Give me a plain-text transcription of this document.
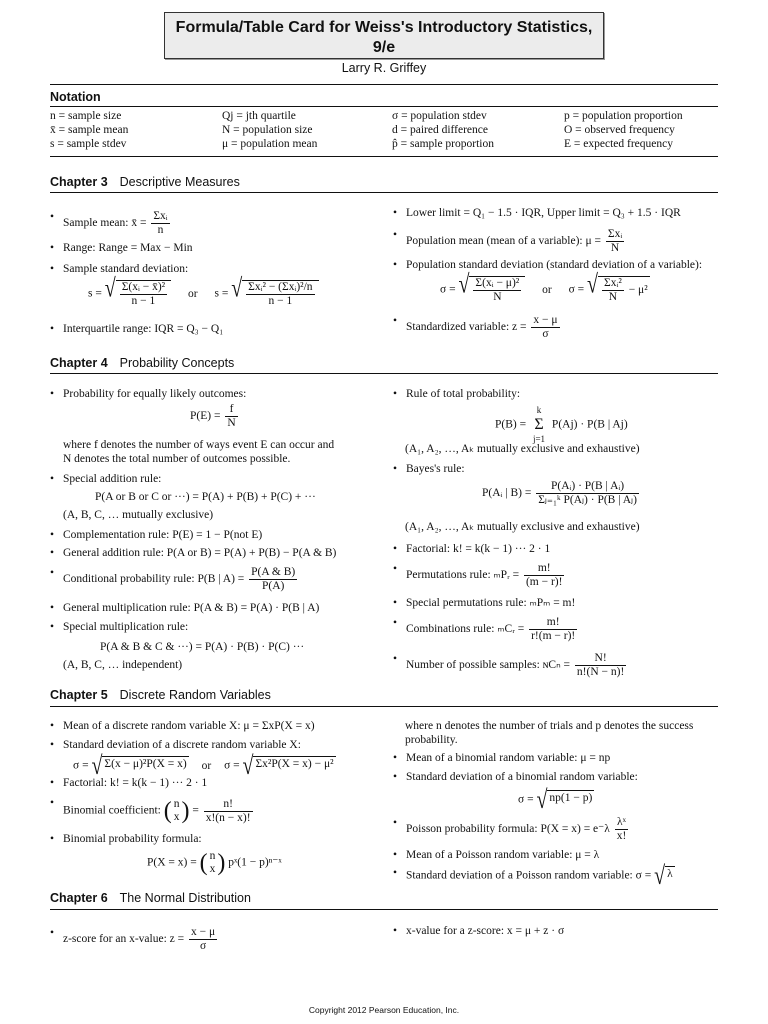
Formula/Table Card for Weiss's Introductory Statistics, 9/e
Larry R. Griffey
Notation
n = sample size
x̄ = sample mean
s = sample stdev
Qj = jth quartile
N = population size
μ = population mean
σ = population stdev
d = paired difference
p̂ = sample proportion
p = population proportion
O = observed frequency
E = expected frequency
Chapter 3 Descriptive Measures
• Sample mean: x̄ = $\frac{\text{Σxᵢ}}{n}$
• Range: Range = Max − Min
• Sample standard deviation:
s = √ $\frac{\text{Σ(xᵢ − x̄)²}}{n - 1}$ or s = √ $\frac{\text{Σxᵢ² − (Σxᵢ)²/n}}{n - 1}$
• Interquartile range: IQR = Q₃ − Q₁
• Lower limit = Q₁ − 1.5 · IQR, Upper limit = Q₃ + 1.5 · IQR
• Population mean (mean of a variable): $\mu = \frac{\text{Σxᵢ}}{N}$
• Population standard deviation (standard deviation of a variable):
σ = √ $\frac{\text{Σ(xᵢ − μ)²}}{N}$ or σ = √ $\frac{\text{Σxᵢ²}}{N} - \mu^2$
• Standardized variable: $z = \frac{x - \mu}{\sigma}$
Chapter 4 Probability Concepts
• Probability for equally likely outcomes:
$P(E) = \frac{f}{N}$
where f denotes the number of ways event E can occur and
N denotes the total number of outcomes possible.
• Special addition rule:
P(A or B or C or ···) = P(A) + P(B) + P(C) + ···
(A, B, C, … mutually exclusive)
• Complementation rule: P(E) = 1 − P(not E)
• General addition rule: P(A or B) = P(A) + P(B) − P(A & B)
• Conditional probability rule: P(B | $A) = \frac{P(A \& B)}{P(A)}$
• General multiplication rule: P(A & B) = P(A) · P(B | A)
• Special multiplication rule:
P(A & B & C & ···) = P(A) · P(B) · P(C) ···
(A, B, C, … independent)
• Rule of total probability:
P(B) =
k
Σ
j=1
P(Aj) · P(B | Aj)
(A₁, A₂, …, Aₖ mutually exclusive and exhaustive)
• Bayes's rule:
P(Aᵢ | $B) = \frac{\text{P(Aᵢ) · P(B | Aᵢ)}}{\text{Σⱼ₌₁ᵏ P(Aⱼ) · P(B | Aⱼ)}}$
(A₁, A₂, …, Aₖ mutually exclusive and exhaustive)
• Factorial: k! = k(k − 1) ··· 2 · 1
• Permutations rule: ₘPᵣ = $\frac{m!}{(m - r)!}$
• Special permutations rule: ₘPₘ = m!
• Combinations rule: ₘCᵣ = $\frac{m!}{r!(m - r)!}$
• Number of possible samples: ɴCₙ = $\frac{N!}{n!(N - n)!}$
Chapter 5 Discrete Random Variables
• Mean of a discrete random variable X: μ = ΣxP(X = x)
• Standard deviation of a discrete random variable X:
σ = √ Σ(x − μ)²P(X = x) or σ = √ Σx²P(X = x) − μ²
• Factorial: k! = k(k − 1) ··· 2 · 1
• Binomial coefficient: ( n
x ) = $\frac{n!}{x!(n - x)!}$
• Binomial probability formula:
P(X = x) = ( n
x ) pˣ(1 − p)ⁿ⁻ˣ
where n denotes the number of trials and p denotes the success
probability.
• Mean of a binomial random variable: μ = np
• Standard deviation of a binomial random variable:
σ = √ np(1 − p)
• Poisson probability formula: $P(X = x) = e^-\lambda \frac{\text{λˣ}}{x!}$
• Mean of a Poisson random variable: μ = λ
• Standard deviation of a Poisson random variable: σ = √ λ
Chapter 6 The Normal Distribution
• z-score for an x-value: $z = \frac{x - \mu}{\sigma}$
•	x-value for a z-score: x = μ + z · σ
Copyright 2012 Pearson Education, Inc.
